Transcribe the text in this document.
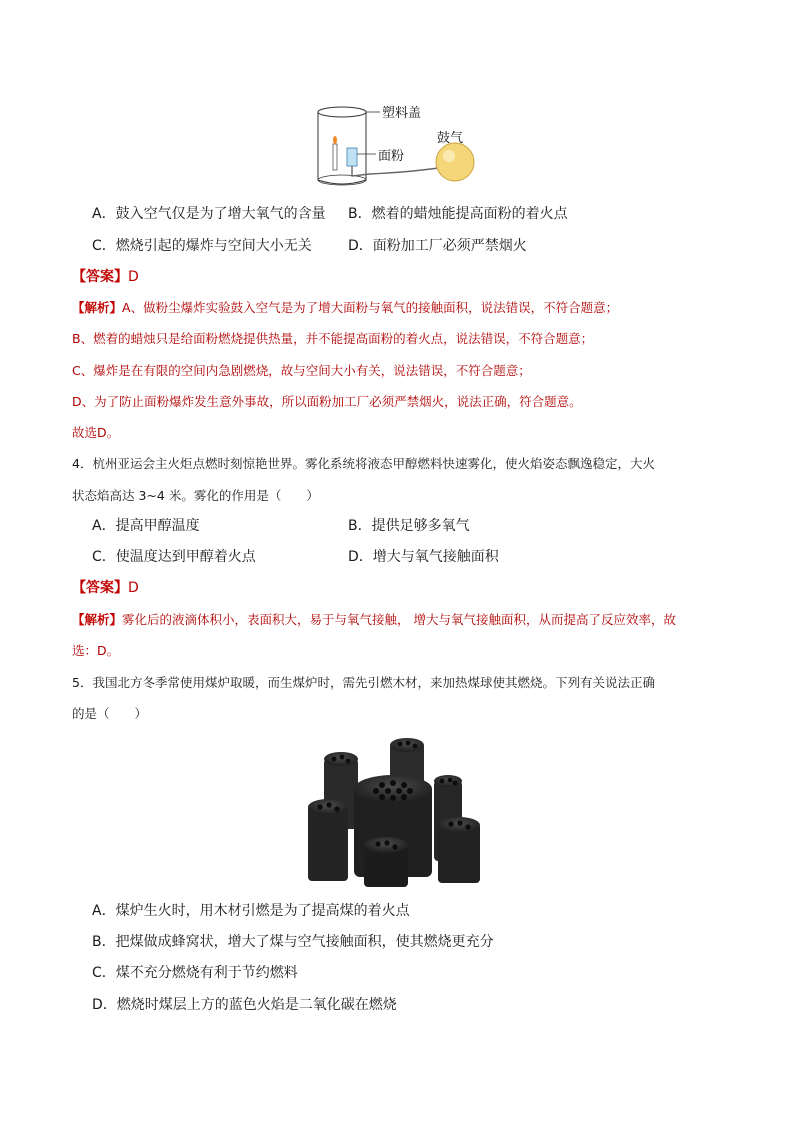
塑料盖
面粉
鼓气
A．鼓入空气仅是为了增大氧气的含量 B．燃着的蜡烛能提高面粉的着火点
C．燃烧引起的爆炸与空间大小无关	D．面粉加工厂必须严禁烟火
【答案】D
【解析】A、做粉尘爆炸实验鼓入空气是为了增大面粉与氧气的接触面积，说法错误，不符合题意；
B、燃着的蜡烛只是给面粉燃烧提供热量，并不能提高面粉的着火点，说法错误，不符合题意；
C、爆炸是在有限的空间内急剧燃烧，故与空间大小有关，说法错误，不符合题意；
D、为了防止面粉爆炸发生意外事故，所以面粉加工厂必须严禁烟火，说法正确，符合题意。
故选D。
4．杭州亚运会主火炬点燃时刻惊艳世界。雾化系统将液态甲醇燃料快速雾化，使火焰姿态飘逸稳定，大火
状态焰高达 3~4 米。雾化的作用是（　　）
A．提高甲醇温度	B．提供足够多氧气
C．使温度达到甲醇着火点	D．增大与氧气接触面积
【答案】D
【解析】雾化后的液滴体积小，表面积大，易于与氧气接触， 增大与氧气接触面积，从而提高了反应效率，故
选：D。
5．我国北方冬季常使用煤炉取暖，而生煤炉时，需先引燃木材，来加热煤球使其燃烧。下列有关说法正确
的是（　　）
A．煤炉生火时，用木材引燃是为了提高煤的着火点
B．把煤做成蜂窝状，增大了煤与空气接触面积，使其燃烧更充分
C．煤不充分燃烧有利于节约燃料
D．燃烧时煤层上方的蓝色火焰是二氧化碳在燃烧
